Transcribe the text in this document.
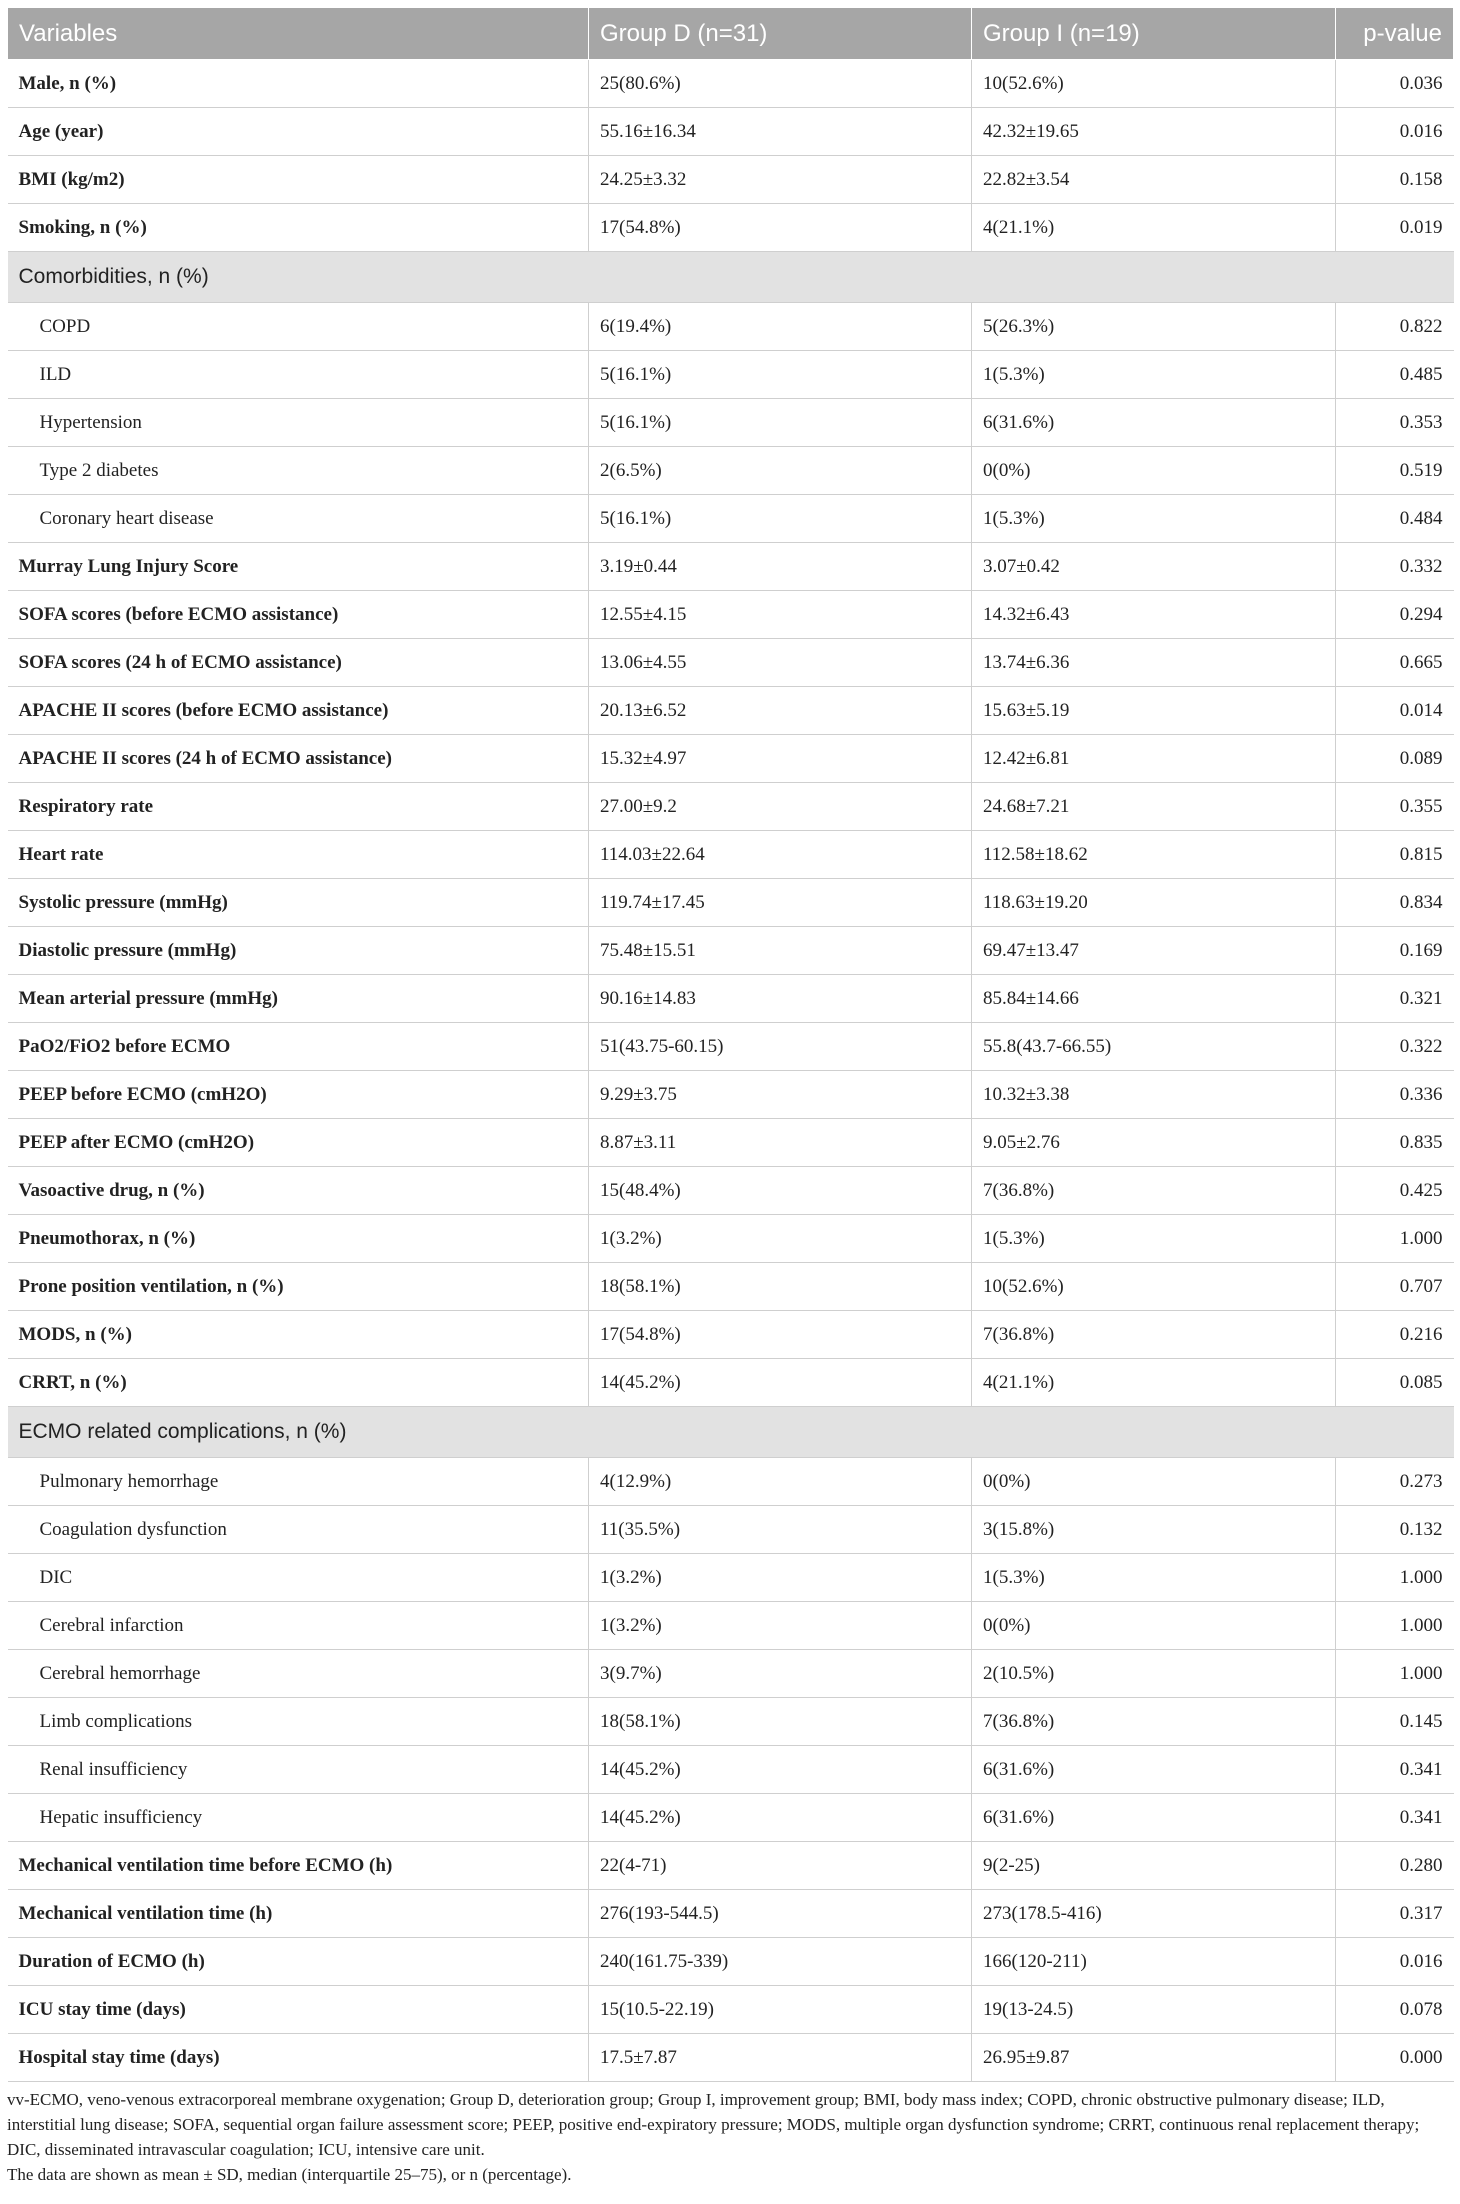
Variables	Group D (n=31)	Group I (n=19)	p-value
Male, n (%)	25(80.6%)	10(52.6%)	0.036
Age (year)	55.16±16.34	42.32±19.65	0.016
BMI (kg/m2)	24.25±3.32	22.82±3.54	0.158
Smoking, n (%)	17(54.8%)	4(21.1%)	0.019
Comorbidities, n (%)			
COPD	6(19.4%)	5(26.3%)	0.822
ILD	5(16.1%)	1(5.3%)	0.485
Hypertension	5(16.1%)	6(31.6%)	0.353
Type 2 diabetes	2(6.5%)	0(0%)	0.519
Coronary heart disease	5(16.1%)	1(5.3%)	0.484
Murray Lung Injury Score	3.19±0.44	3.07±0.42	0.332
SOFA scores (before ECMO assistance)	12.55±4.15	14.32±6.43	0.294
SOFA scores (24 h of ECMO assistance)	13.06±4.55	13.74±6.36	0.665
APACHE II scores (before ECMO assistance)	20.13±6.52	15.63±5.19	0.014
APACHE II scores (24 h of ECMO assistance)	15.32±4.97	12.42±6.81	0.089
Respiratory rate	27.00±9.2	24.68±7.21	0.355
Heart rate	114.03±22.64	112.58±18.62	0.815
Systolic pressure (mmHg)	119.74±17.45	118.63±19.20	0.834
Diastolic pressure (mmHg)	75.48±15.51	69.47±13.47	0.169
Mean arterial pressure (mmHg)	90.16±14.83	85.84±14.66	0.321
PaO2/FiO2 before ECMO	51(43.75-60.15)	55.8(43.7-66.55)	0.322
PEEP before ECMO (cmH2O)	9.29±3.75	10.32±3.38	0.336
PEEP after ECMO (cmH2O)	8.87±3.11	9.05±2.76	0.835
Vasoactive drug, n (%)	15(48.4%)	7(36.8%)	0.425
Pneumothorax, n (%)	1(3.2%)	1(5.3%)	1.000
Prone position ventilation, n (%)	18(58.1%)	10(52.6%)	0.707
MODS, n (%)	17(54.8%)	7(36.8%)	0.216
CRRT, n (%)	14(45.2%)	4(21.1%)	0.085
ECMO related complications, n (%)			
Pulmonary hemorrhage	4(12.9%)	0(0%)	0.273
Coagulation dysfunction	11(35.5%)	3(15.8%)	0.132
DIC	1(3.2%)	1(5.3%)	1.000
Cerebral infarction	1(3.2%)	0(0%)	1.000
Cerebral hemorrhage	3(9.7%)	2(10.5%)	1.000
Limb complications	18(58.1%)	7(36.8%)	0.145
Renal insufficiency	14(45.2%)	6(31.6%)	0.341
Hepatic insufficiency	14(45.2%)	6(31.6%)	0.341
Mechanical ventilation time before ECMO (h)	22(4-71)	9(2-25)	0.280
Mechanical ventilation time (h)	276(193-544.5)	273(178.5-416)	0.317
Duration of ECMO (h)	240(161.75-339)	166(120-211)	0.016
ICU stay time (days)	15(10.5-22.19)	19(13-24.5)	0.078
Hospital stay time (days)	17.5±7.87	26.95±9.87	0.000

vv-ECMO, veno-venous extracorporeal membrane oxygenation; Group D, deterioration group; Group I, improvement group; BMI, body mass index; COPD, chronic obstructive pulmonary disease; ILD, interstitial lung disease; SOFA, sequential organ failure assessment score; PEEP, positive end-expiratory pressure; MODS, multiple organ dysfunction syndrome; CRRT, continuous renal replacement therapy; DIC, disseminated intravascular coagulation; ICU, intensive care unit.

The data are shown as mean ± SD, median (interquartile 25–75), or n (percentage).
